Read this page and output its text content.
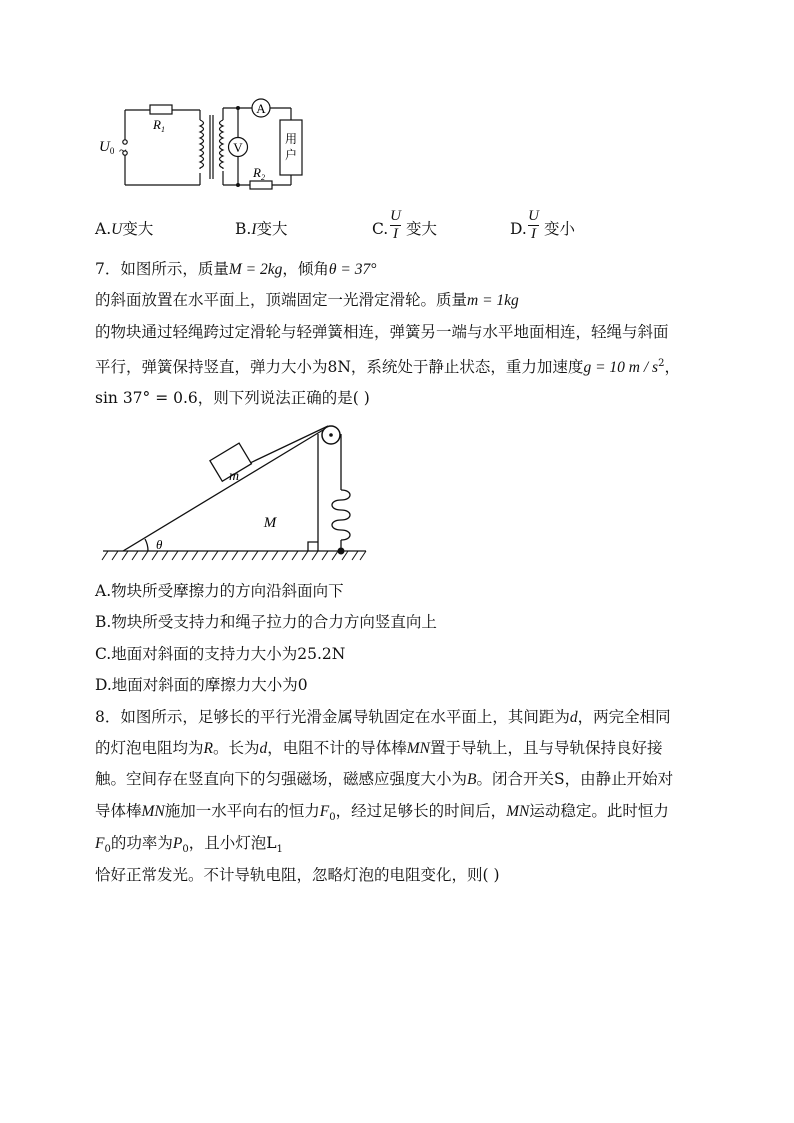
A
V
用
户
$R_1$
$R_2$
$U_0$ ~
A.U变大	B.I变大	C.
U
I 变大	D.
U
I 变小
7．如图所示，质量M = 2kg，倾角θ = 37°
的斜面放置在水平面上，顶端固定一光滑定滑轮。质量m = 1kg
的物块通过轻绳跨过定滑轮与轻弹簧相连，弹簧另一端与水平地面相连，轻绳与斜面
平行，弹簧保持竖直，弹力大小为8N，系统处于静止状态，重力加速度g = 10 m / $s^2$，
sin 37° = 0.6，则下列说法正确的是( )
m
M
θ
A.物块所受摩擦力的方向沿斜面向下
B.物块所受支持力和绳子拉力的合力方向竖直向上
C.地面对斜面的支持力大小为25.2N
D.地面对斜面的摩擦力大小为0
8．如图所示，足够长的平行光滑金属导轨固定在水平面上，其间距为d，两完全相同
的灯泡电阻均为R。长为d，电阻不计的导体棒MN置于导轨上，且与导轨保持良好接
触。空间存在竖直向下的匀强磁场，磁感应强度大小为B。闭合开关S，由静止开始对
导体棒MN施加一水平向右的恒力$F_0$，经过足够长的时间后，MN运动稳定。此时恒力
$F_0$的功率为$P_0$，且小灯泡$L_1$
恰好正常发光。不计导轨电阻，忽略灯泡的电阻变化，则( )
